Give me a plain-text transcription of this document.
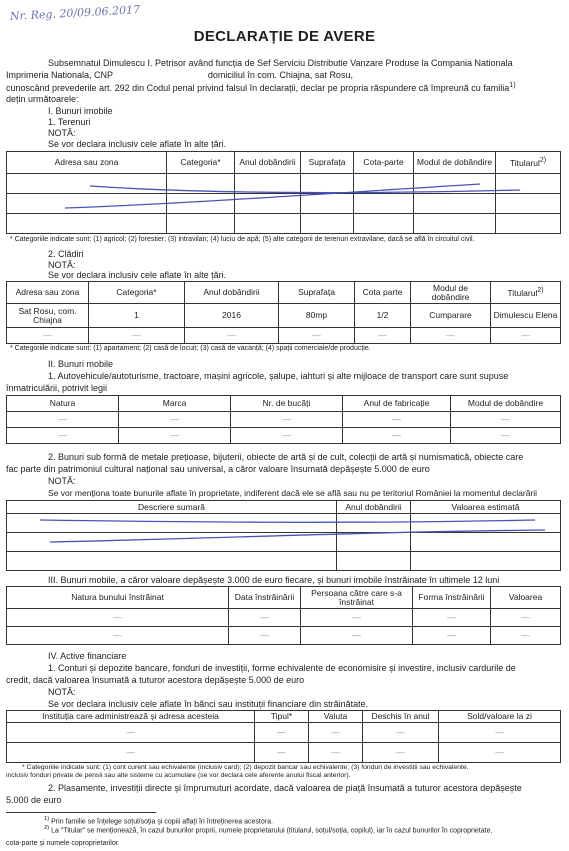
Nr. Reg. 20/09.06.2017
DECLARAȚIE DE AVERE
Subsemnatul Dimulescu I. Petrisor având funcția de Sef Serviciu Distributie Vanzare Produse la Compania Nationala
Imprimeria Nationala, CNP                                      domiciliul în com. Chiajna, sat Rosu,
cunoscând prevederile art. 292 din Codul penal privind falsul în declarații, declar pe propria răspundere că împreună cu familia$^{1)}$
dețin următoarele:
I. Bunuri imobile
1. Terenuri
NOTĂ:
Se vor declara inclusiv cele aflate în alte țări.
Adresa sau zona	Categoria*	Anul dobândirii	Suprafața	Cota-parte	Modul de dobândire	Titularul$^{2)}$

* Categoriile indicate sunt: (1) agricol; (2) forestier; (3) intravilan; (4) luciu de apă; (5) alte categorii de terenuri extravilane, dacă se află în circuitul civil.
2. Clădiri
NOTĂ:
Se vor declara inclusiv cele aflate în alte țări.
Adresa sau zona	Categoria*	Anul dobândirii	Suprafața	Cota parte	Modul de dobândire	Titularul$^{2)}$
Sat Rosu, com. Chiajna	1	2016	80mp	1/2	Cumparare	Dimulescu Elena
—	—	—	—	—	—	—
* Categoriile indicate sunt: (1) apartament; (2) casă de locuit; (3) casă de vacanță; (4) spații comerciale/de producție.
II. Bunuri mobile
1. Autovehicule/autoturisme, tractoare, mașini agricole, șalupe, iahturi și alte mijloace de transport care sunt supuse
înmatriculării, potrivit legii
Natura	Marca	Nr. de bucăți	Anul de fabricație	Modul de dobândire
—	—	—	—	—
—	—	—	—	—
2. Bunuri sub formă de metale prețioase, bijuterii, obiecte de artă și de cult, colecții de artă și numismatică, obiecte care
fac parte din patrimoniul cultural național sau universal, a căror valoare însumată depășește 5.000 de euro
NOTĂ:
Se vor menționa toate bunurile aflate în proprietate, indiferent dacă ele se află sau nu pe teritoriul României la momentul declarării
Descriere sumară	Anul dobândirii	Valoarea estimată

III. Bunuri mobile, a căror valoare depășește 3.000 de euro fiecare, și bunuri imobile înstrăinate în ultimele 12 luni
Natura bunului înstrăinat	Data înstrăinării	Persoana către care s-a înstrăinat	Forma înstrăinării	Valoarea
—	—	—	—	—
—	—	—	—	—
IV. Active financiare
1. Conturi și depozite bancare, fonduri de investiții, forme echivalente de economisire și investire, inclusiv cardurile de
credit, dacă valoarea însumată a tuturor acestora depășește 5.000 de euro
NOTĂ:
Se vor declara inclusiv cele aflate în bănci sau instituții financiare din străinătate.
Instituția care administrează și adresa acesteia	Tipul*	Valuta	Deschis în anul	Sold/valoare la zi
—	—	—	—	—
—	—	—	—	—
* Categoriile indicate sunt: (1) cont curent sau echivalente (inclusiv card); (2) depozit bancar sau echivalente; (3) fonduri de investiții sau echivalente,
inclusiv fonduri private de pensii sau alte sisteme cu acumulare (se vor declara cele aferente anului fiscal anterior).
2. Plasamente, investiții directe și împrumuturi acordate, dacă valoarea de piață însumată a tuturor acestora depășește
5.000 de euro
$^{1)}$ Prin familie se înțelege soțul/soția și copiii aflați în întreținerea acestora.
$^{2)}$ La "Titular" se menționează, în cazul bunurilor proprii, numele proprietarului (titularul, soțul/soția, copilul), iar în cazul bunurilor în coproprietate,
cota-parte și numele coproprietarilor.
